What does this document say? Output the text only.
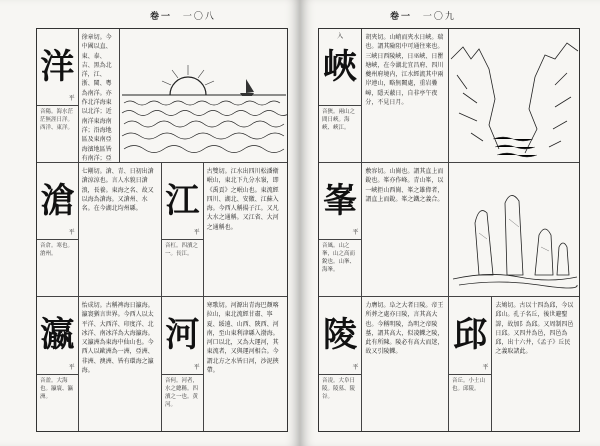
卷一 一〇八
洋
平
音陽。海水茫茫無涯日洋。西洋、東洋。
徐章切。今中國以直、東、泰、吉、黑為北洋，江、浙、閩、粵為南洋。亦作北洋海東以北洋；近南洋東海南洋；沿海地區及東南亞海濱地區皆有南洋；亞
滄
平
音倉。寒也。滄州。
七剛切。滄、青、日初出滄滄涼涼也。言人水貌日滄浪，長養。東海之名、故又以海為滄海。又滄州、水名。在今湖北均州縣。 江
平
音杠。四瀆之一。長江。
古雙切。江水出四川松潘衛岷山，東北下九分水嶺，即《禹貢》之岷山也。東流經四川、湖北、安徽、江蘇入海。今西人稱揚子江。又凡大水之通稱。又江省、大河之通稱也。
瀛
平
音盈。大海也。瀛寰、瀛洲。
怡成切。古稱裨海日瀛海。瀛寰猶言世界。今西人以太平洋、大西洋、印度洋、北冰洋、南冰洋為大海瀛海。又瀛洲為東海中仙山也。今西人以歐洲為一洲，亞洲、非洲、澳洲、皆有環海之瀛海。
河
平
音何。河者，水之總稱。四瀆之一也。黄河。
寒歌切。河源出青海巴顏喀拉山，東北流經甘肅、寧夏、綏遠、山西、陝西、河南，至山東利津縣入渤海。河口以北，又為大運河，其東流者，又與運河相合。今謂北方之水皆日河，沙泥挾帶。
卷一 一〇九
入
峽
音狹。兩山之間日峽。海峽、峽江。
胡夾切。山峭而夾水日峽。瑞也。謂其險阻中可通往來也。三峽日西陵峽，日巫峽、日瞿塘峽，在今湖北宜昌府、四川夔州府境内，江水經流其中兩岸連山，略無闕處，重岩疊嶂，隱天蔽日，自非亭午夜分，不見日月。
峯
平
音風。山之峯，山之高而銳也。山峯、海峯。
敷容切。山崗也。謂其直上而銳也。峯亦作峰。青山峯，以一峽拒山西崗、峯之雄偉者，謂直上而銳。峯之鐵之義合。
陵
平
音凌。大阜日陵。陵墓、陵谷。
力膺切。阜之大者日陵。帝王所葬之處亦日陵，言其高大也。今稱明陵，為明之帝陵墓，謂其高大，似凌轢之陵，此有所陳。陵必有高大而迷，故又引陵轢。	邱
平
音丘。小土山也。邱陵。
去鳩切。古以十四為邱，今以邱山。孔子名丘，後世避聖諱，故加阝為邱。又周制四邑日邱。又四井為邑，四邑為邱，出十六井，《孟子》丘民之義取諸此。
